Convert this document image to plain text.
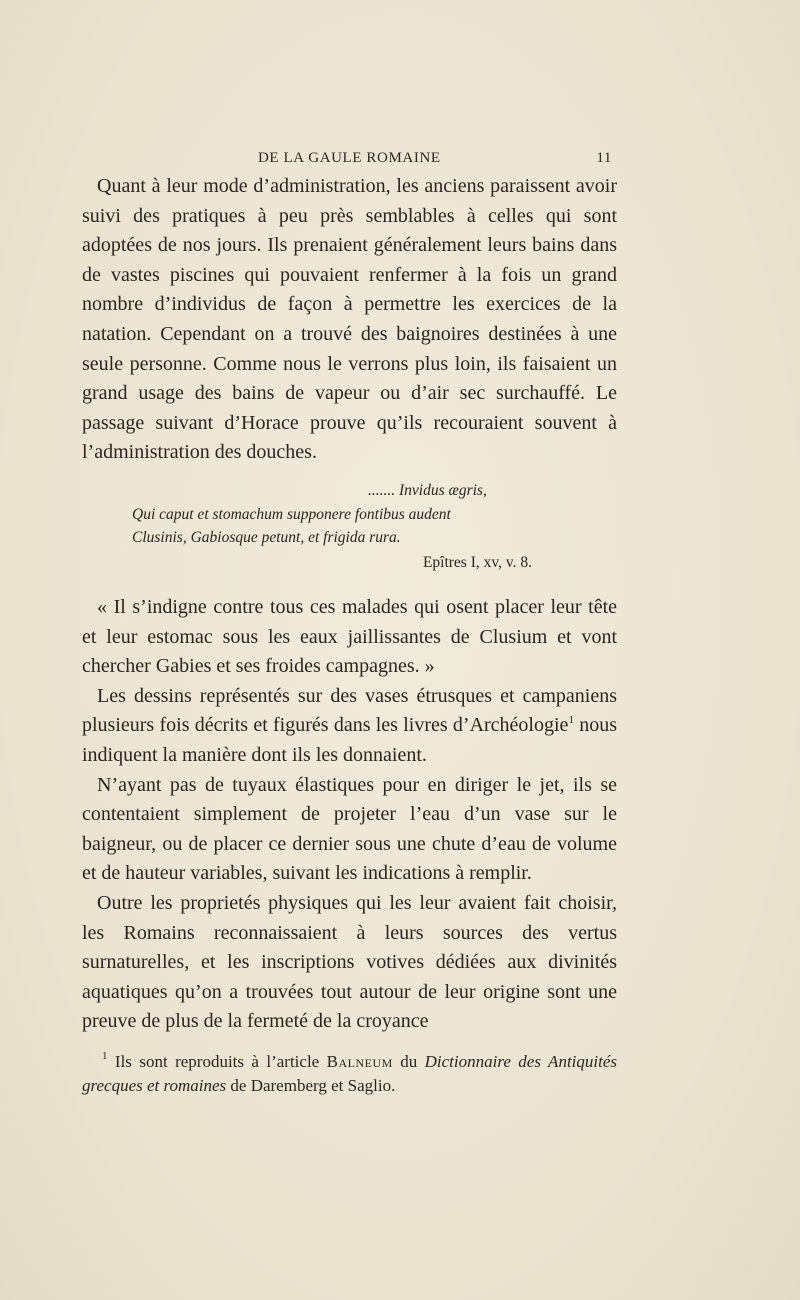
DE LA GAULE ROMAINE	11

Quant à leur mode d’administration, les anciens paraissent avoir suivi des pratiques à peu près semblables à celles qui sont adoptées de nos jours. Ils prenaient généralement leurs bains dans de vastes piscines qui pouvaient renfermer à la fois un grand nombre d’individus de façon à permettre les exercices de la natation. Cependant on a trouvé des baignoires destinées à une seule personne. Comme nous le verrons plus loin, ils faisaient un grand usage des bains de vapeur ou d’air sec surchauffé. Le passage suivant d’Horace prouve qu’ils recouraient souvent à l’administration des douches.

....... Invidus ægris,
Qui caput et stomachum supponere fontibus audent
Clusinis, Gabiosque petunt, et frigida rura.
Epîtres I, xv, v. 8.

« Il s’indigne contre tous ces malades qui osent placer leur tête et leur estomac sous les eaux jaillissantes de Clusium et vont chercher Gabies et ses froides campagnes. »

Les dessins représentés sur des vases étrusques et campaniens plusieurs fois décrits et figurés dans les livres d’Archéologie$^1$ nous indiquent la manière dont ils les donnaient.

N’ayant pas de tuyaux élastiques pour en diriger le jet, ils se contentaient simplement de projeter l’eau d’un vase sur le baigneur, ou de placer ce dernier sous une chute d’eau de volume et de hauteur variables, suivant les indications à remplir.

Outre les proprietés physiques qui les leur avaient fait choisir, les Romains reconnaissaient à leurs sources des vertus surnaturelles, et les inscriptions votives dédiées aux divinités aquatiques qu’on a trouvées tout autour de leur origine sont une preuve de plus de la fermeté de la croyance

$^1$ Ils sont reproduits à l’article Balneum du Dictionnaire des Antiquités grecques et romaines de Daremberg et Saglio.
